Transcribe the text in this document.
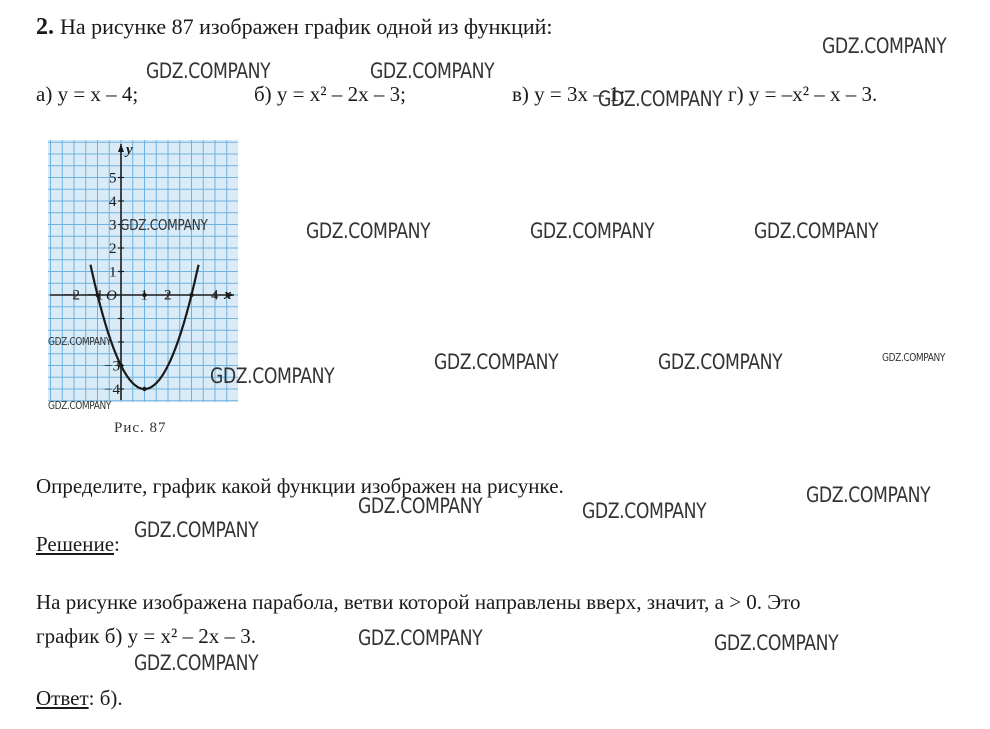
2. На рисунке 87 изображен график одной из функций:
а) y = x – 4;	б) y = x² – 2x – 3;	в) y = 3x – 1;	г) y = –x² – x – 3.
−2 −1 1 2	4
5
4
3
2
1
−3
−4
O	x
y
Рис. 87
Определите, график какой функции изображен на рисунке.
Решение:
На рисунке изображена парабола, ветви которой направлены вверх, значит, a > 0. Это
график б) y = x² – 2x – 3.
Ответ: б).
GDZ.COMPANY
GDZ.COMPANY	GDZ.COMPANY
GDZ.COMPANY
GDZ.COMPANY	GDZ.COMPANY	GDZ.COMPANY
GDZ.COMPANY	GDZ.COMPANY
GDZ.COMPANY
GDZ.COMPANY
GDZ.COMPANY	GDZ.COMPANY
GDZ.COMPANY
GDZ.COMPANY	GDZ.COMPANY
GDZ.COMPANY
GDZ.COMPANY
GDZ.COMPANY
GDZ.COMPANY
GDZ.COMPANY
